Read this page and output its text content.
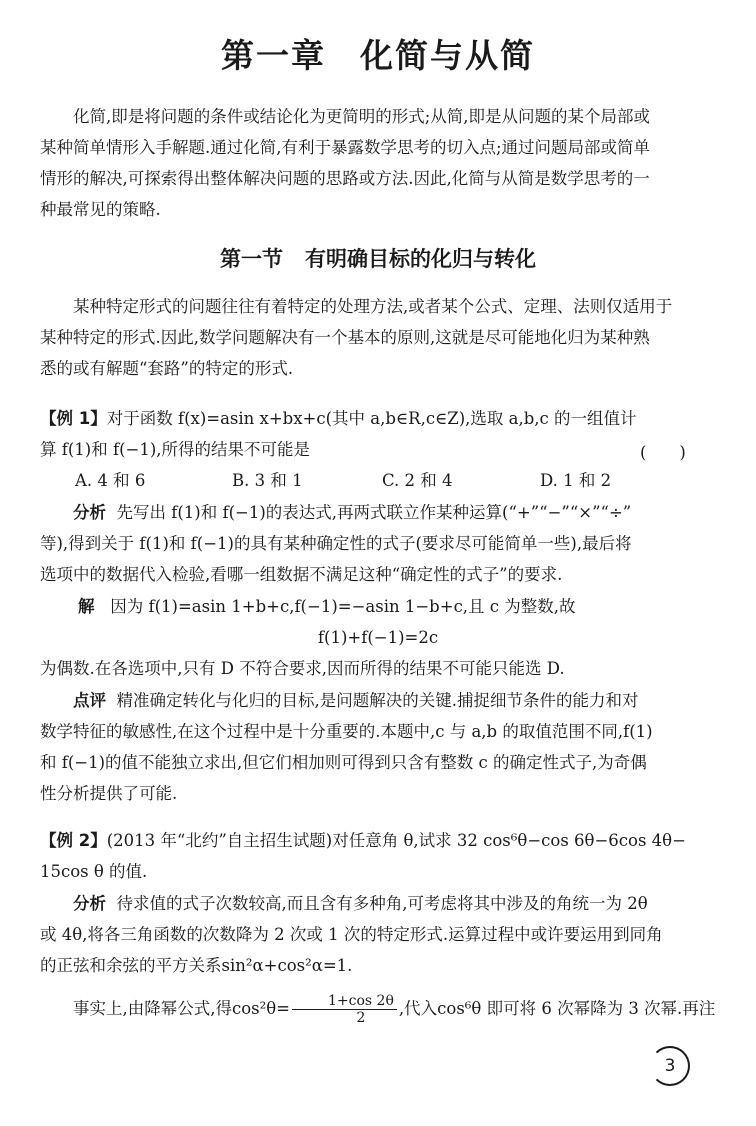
第一章 化简与从简
化简,即是将问题的条件或结论化为更简明的形式;从简,即是从问题的某个局部或
某种简单情形入手解题.通过化简,有利于暴露数学思考的切入点;通过问题局部或简单
情形的解决,可探索得出整体解决问题的思路或方法.因此,化简与从简是数学思考的一
种最常见的策略.
第一节 有明确目标的化归与转化
某种特定形式的问题往往有着特定的处理方法,或者某个公式、定理、法则仅适用于
某种特定的形式.因此,数学问题解决有一个基本的原则,这就是尽可能地化归为某种熟
悉的或有解题“套路”的特定的形式.
【例 1】对于函数 f(x)=asin x+bx+c(其中 a,b∈R,c∈Z),选取 a,b,c 的一组值计
算 f(1)和 f(−1),所得的结果不可能是	(　　)
A. 4 和 6	B. 3 和 1	C. 2 和 4	D. 1 和 2
分析 先写出 f(1)和 f(−1)的表达式,再两式联立作某种运算(“+”“−”“×”“÷”
等),得到关于 f(1)和 f(−1)的具有某种确定性的式子(要求尽可能简单一些),最后将
选项中的数据代入检验,看哪一组数据不满足这种“确定性的式子”的要求.
解 因为 f(1)=asin 1+b+c,f(−1)=−asin 1−b+c,且 c 为整数,故
f(1)+f(−1)=2c
为偶数.在各选项中,只有 D 不符合要求,因而所得的结果不可能只能选 D.
点评 精准确定转化与化归的目标,是问题解决的关键.捕捉细节条件的能力和对
数学特征的敏感性,在这个过程中是十分重要的.本题中,c 与 a,b 的取值范围不同,f(1)
和 f(−1)的值不能独立求出,但它们相加则可得到只含有整数 c 的确定性式子,为奇偶
性分析提供了可能.
【例 2】(2013 年“北约”自主招生试题)对任意角 θ,试求 32 cos⁶θ−cos 6θ−6cos 4θ−
15cos θ 的值.
分析 待求值的式子次数较高,而且含有多种角,可考虑将其中涉及的角统一为 2θ
或 4θ,将各三角函数的次数降为 2 次或 1 次的特定形式.运算过程中或许要运用到同角
的正弦和余弦的平方关系sin²α+cos²α=1.
事实上,由降幂公式,得$\cos^2\theta= \frac{1+\cos 2\theta}{2}$ ,代入cos⁶θ 即可将 6 次幂降为 3 次幂.再注
3
